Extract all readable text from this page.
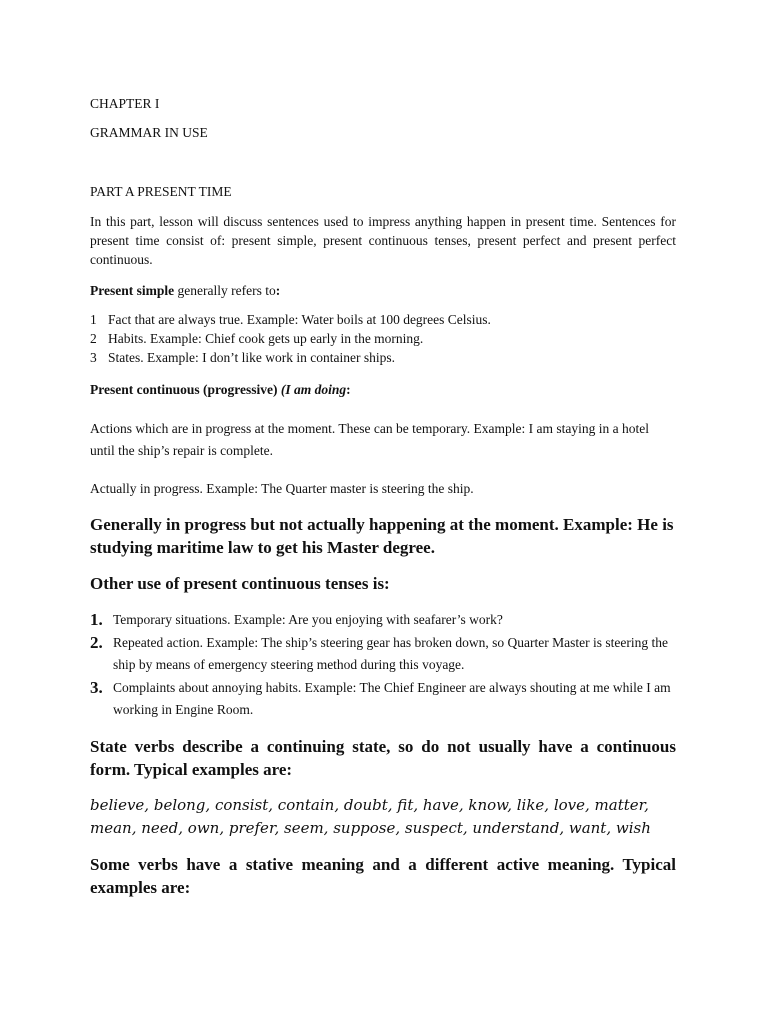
CHAPTER I

GRAMMAR IN USE

PART A PRESENT TIME

In this part, lesson will discuss sentences used to impress anything happen in present time. Sentences for present time consist of: present simple, present continuous tenses, present perfect and present perfect continuous.

Present simple generally refers to:

1 Fact that are always true. Example: Water boils at 100 degrees Celsius.
2 Habits. Example: Chief cook gets up early in the morning.
3 States. Example: I don’t like work in container ships.

Present continuous (progressive) (I am doing:

Actions which are in progress at the moment. These can be temporary. Example: I am staying in a hotel until the ship’s repair is complete.

Actually in progress. Example: The Quarter master is steering the ship.

Generally in progress but not actually happening at the moment. Example: He is studying maritime law to get his Master degree.

Other use of present continuous tenses is:

1. Temporary situations. Example: Are you enjoying with seafarer’s work?
2. Repeated action. Example: The ship’s steering gear has broken down, so Quarter Master is steering the ship by means of emergency steering method during this voyage.
3. Complaints about annoying habits. Example: The Chief Engineer are always shouting at me while I am working in Engine Room.

State verbs describe a continuing state, so do not usually have a continuous form. Typical examples are:

believe, belong, consist, contain, doubt, fit, have, know, like, love, matter, mean, need, own, prefer, seem, suppose, suspect, understand, want, wish

Some verbs have a stative meaning and a different active meaning. Typical examples are:
